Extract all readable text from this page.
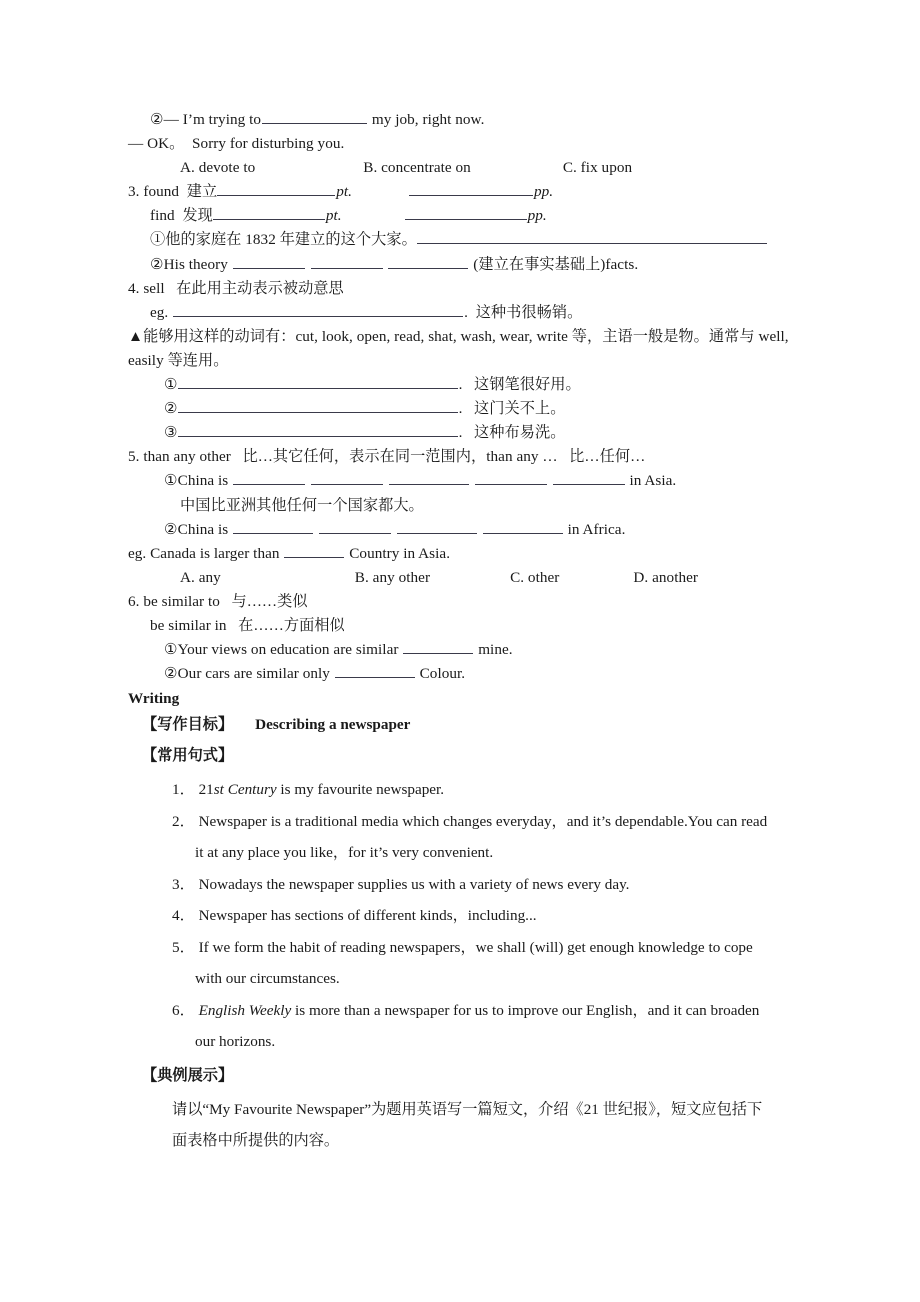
②— I’m trying to	my job, right now.
— OK。  Sorry for disturbing you.
A. devote to	B. concentrate on	C. fix upon
3. found 建立	pt.	pp.
find 发现	pt.	pp.
①他的家庭在 1832 年建立的这个大家。
②His theory	(建立在事实基础上)facts.
4. sell   在此用主动表示被动意思
eg.	.  这种书很畅销。
▲能够用这样的动词有：cut, look, open, read, shat, wash, wear, write 等，主语一般是物。通常与 well, easily 等连用。
①	.   这钢笔很好用。
②	.   这门关不上。
③	.   这种布易洗。
5. than any other   比…其它任何，表示在同一范围内，than any …   比…任何…
①China is	in Asia.
中国比亚洲其他任何一个国家都大。
②China is	in Africa.
eg. Canada is larger than	Country in Asia.
A. any	B. any other	C. other	D. another
6. be similar to   与……类似
be similar in   在……方面相似
①Your views on education are similar	mine.
②Our cars are similar only	Colour.
Writing
【写作目标】 Describing a newspaper
【常用句式】
1． 21st Century is my favourite newspaper.
2． Newspaper is a traditional media which changes everyday，and it’s dependable.You can read
it at any place you like，for it’s very convenient.
3． Nowadays the newspaper supplies us with a variety of news every day.
4． Newspaper has sections of different kinds，including...
5． If we form the habit of reading newspapers，we shall (will) get enough knowledge to cope
with our circumstances.
6． English Weekly is more than a newspaper for us to improve our English，and it can broaden
our horizons.
【典例展示】
请以“My Favourite Newspaper”为题用英语写一篇短文，介绍《21 世纪报》，短文应包括下
面表格中所提供的内容。
